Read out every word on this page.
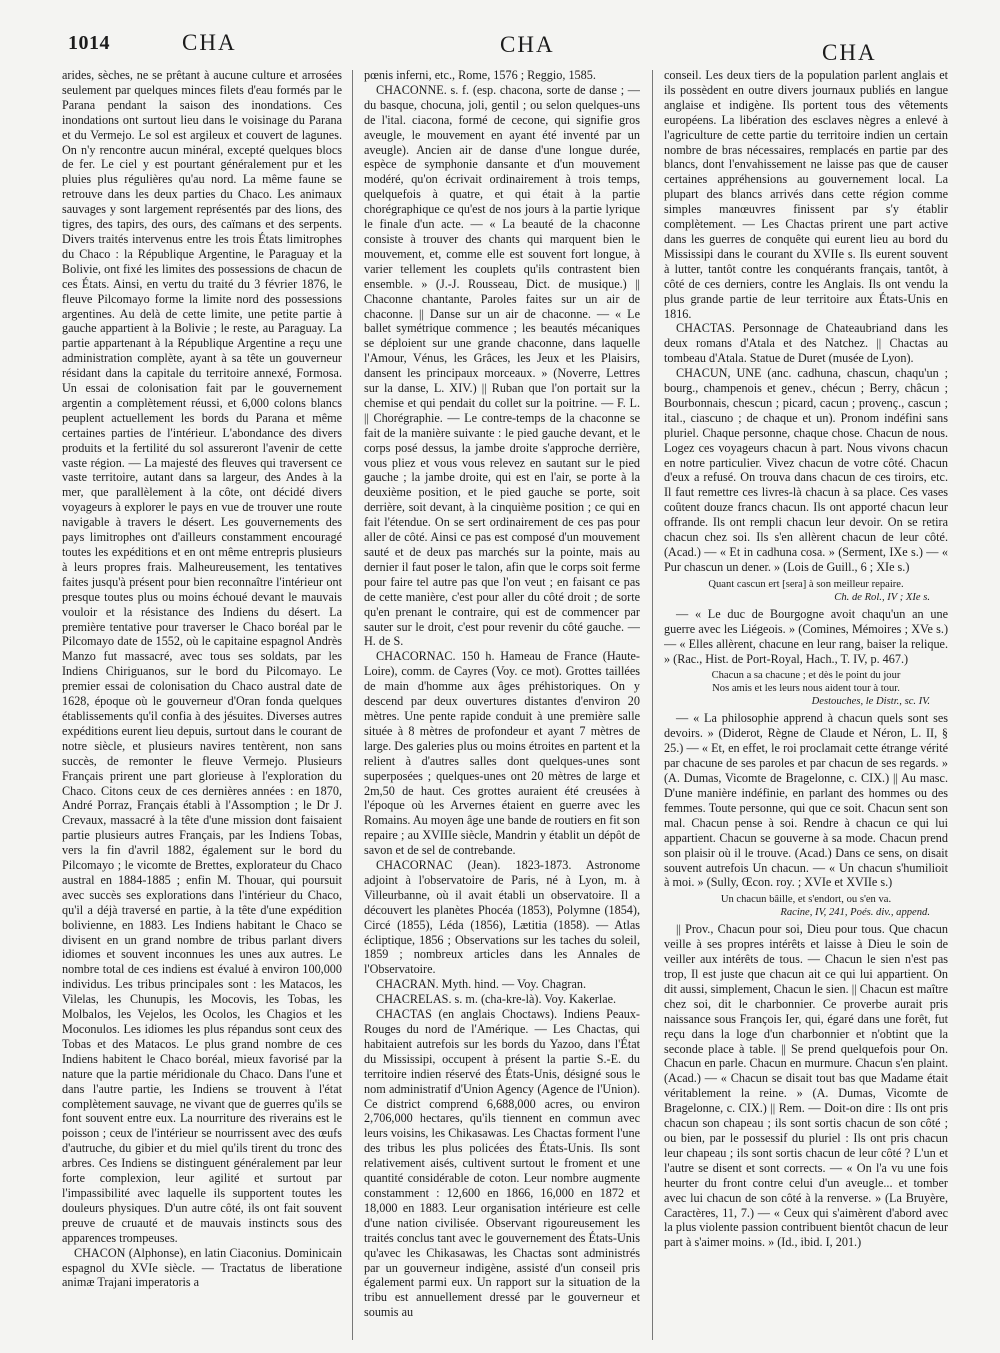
1014	CHA	CHA	CHA

arides, sèches, ne se prêtant à aucune culture et arrosées seulement par quelques minces filets d'eau formés par le Parana pendant la saison des inondations. Ces inondations ont surtout lieu dans le voisinage du Parana et du Vermejo. Le sol est argileux et couvert de lagunes. On n'y rencontre aucun minéral, excepté quelques blocs de fer. Le ciel y est pourtant généralement pur et les pluies plus régulières qu'au nord. La même faune se retrouve dans les deux parties du Chaco. Les animaux sauvages y sont largement représentés par des lions, des tigres, des tapirs, des ours, des caïmans et des serpents. Divers traités intervenus entre les trois États limitrophes du Chaco : la République Argentine, le Paraguay et la Bolivie, ont fixé les limites des possessions de chacun de ces États. Ainsi, en vertu du traité du 3 février 1876, le fleuve Pilcomayo forme la limite nord des possessions argentines. Au delà de cette limite, une petite partie à gauche appartient à la Bolivie ; le reste, au Paraguay. La partie appartenant à la République Argentine a reçu une administration complète, ayant à sa tête un gouverneur résidant dans la capitale du territoire annexé, Formosa. Un essai de colonisation fait par le gouvernement argentin a complètement réussi, et 6,000 colons blancs peuplent actuellement les bords du Parana et même certaines parties de l'intérieur. L'abondance des divers produits et la fertilité du sol assureront l'avenir de cette vaste région. — La majesté des fleuves qui traversent ce vaste territoire, autant dans sa largeur, des Andes à la mer, que parallèlement à la côte, ont décidé divers voyageurs à explorer le pays en vue de trouver une route navigable à travers le désert. Les gouvernements des pays limitrophes ont d'ailleurs constamment encouragé toutes les expéditions et en ont même entrepris plusieurs à leurs propres frais. Malheureusement, les tentatives faites jusqu'à présent pour bien reconnaître l'intérieur ont presque toutes plus ou moins échoué devant le mauvais vouloir et la résistance des Indiens du désert. La première tentative pour traverser le Chaco boréal par le Pilcomayo date de 1552, où le capitaine espagnol Andrès Manzo fut massacré, avec tous ses soldats, par les Indiens Chiriguanos, sur le bord du Pilcomayo. Le premier essai de colonisation du Chaco austral date de 1628, époque où le gouverneur d'Oran fonda quelques établissements qu'il confia à des jésuites. Diverses autres expéditions eurent lieu depuis, surtout dans le courant de notre siècle, et plusieurs navires tentèrent, non sans succès, de remonter le fleuve Vermejo. Plusieurs Français prirent une part glorieuse à l'exploration du Chaco. Citons ceux de ces dernières années : en 1870, André Porraz, Français établi à l'Assomption ; le Dr J. Crevaux, massacré à la tête d'une mission dont faisaient partie plusieurs autres Français, par les Indiens Tobas, vers la fin d'avril 1882, également sur le bord du Pilcomayo ; le vicomte de Brettes, explorateur du Chaco austral en 1884-1885 ; enfin M. Thouar, qui poursuit avec succès ses explorations dans l'intérieur du Chaco, qu'il a déjà traversé en partie, à la tête d'une expédition bolivienne, en 1883. Les Indiens habitant le Chaco se divisent en un grand nombre de tribus parlant divers idiomes et souvent inconnues les unes aux autres. Le nombre total de ces indiens est évalué à environ 100,000 individus. Les tribus principales sont : les Matacos, les Vilelas, les Chunupis, les Mocovis, les Tobas, les Molbalos, les Vejelos, les Ocolos, les Chagios et les Moconulos. Les idiomes les plus répandus sont ceux des Tobas et des Matacos. Le plus grand nombre de ces Indiens habitent le Chaco boréal, mieux favorisé par la nature que la partie méridionale du Chaco. Dans l'une et dans l'autre partie, les Indiens se trouvent à l'état complètement sauvage, ne vivant que de guerres qu'ils se font souvent entre eux. La nourriture des riverains est le poisson ; ceux de l'intérieur se nourrissent avec des œufs d'autruche, du gibier et du miel qu'ils tirent du tronc des arbres. Ces Indiens se distinguent généralement par leur forte complexion, leur agilité et surtout par l'impassibilité avec laquelle ils supportent toutes les douleurs physiques. D'un autre côté, ils ont fait souvent preuve de cruauté et de mauvais instincts sous des apparences trompeuses.

CHACON (Alphonse), en latin Ciaconius. Dominicain espagnol du XVIe siècle. — Tractatus de liberatione animæ Trajani imperatoris a

pœnis inferni, etc., Rome, 1576 ; Reggio, 1585.

CHACONNE. s. f. (esp. chacona, sorte de danse ; — du basque, chocuna, joli, gentil ; ou selon quelques-uns de l'ital. ciacona, formé de cecone, qui signifie gros aveugle, le mouvement en ayant été inventé par un aveugle). Ancien air de danse d'une longue durée, espèce de symphonie dansante et d'un mouvement modéré, qu'on écrivait ordinairement à trois temps, quelquefois à quatre, et qui était à la partie chorégraphique ce qu'est de nos jours à la partie lyrique le finale d'un acte. — « La beauté de la chaconne consiste à trouver des chants qui marquent bien le mouvement, et, comme elle est souvent fort longue, à varier tellement les couplets qu'ils contrastent bien ensemble. » (J.-J. Rousseau, Dict. de musique.) || Chaconne chantante, Paroles faites sur un air de chaconne. || Danse sur un air de chaconne. — « Le ballet symétrique commence ; les beautés mécaniques se déploient sur une grande chaconne, dans laquelle l'Amour, Vénus, les Grâces, les Jeux et les Plaisirs, dansent les principaux morceaux. » (Noverre, Lettres sur la danse, L. XIV.) || Ruban que l'on portait sur la chemise et qui pendait du collet sur la poitrine. — F. L. || Chorégraphie. — Le contre-temps de la chaconne se fait de la manière suivante : le pied gauche devant, et le corps posé dessus, la jambe droite s'approche derrière, vous pliez et vous vous relevez en sautant sur le pied gauche ; la jambe droite, qui est en l'air, se porte à la deuxième position, et le pied gauche se porte, soit derrière, soit devant, à la cinquième position ; ce qui en fait l'étendue. On se sert ordinairement de ces pas pour aller de côté. Ainsi ce pas est composé d'un mouvement sauté et de deux pas marchés sur la pointe, mais au dernier il faut poser le talon, afin que le corps soit ferme pour faire tel autre pas que l'on veut ; en faisant ce pas de cette manière, c'est pour aller du côté droit ; de sorte qu'en prenant le contraire, qui est de commencer par sauter sur le droit, c'est pour revenir du côté gauche. — H. de S.

CHACORNAC. 150 h. Hameau de France (Haute-Loire), comm. de Cayres (Voy. ce mot). Grottes taillées de main d'homme aux âges préhistoriques. On y descend par deux ouvertures distantes d'environ 20 mètres. Une pente rapide conduit à une première salle située à 8 mètres de profondeur et ayant 7 mètres de large. Des galeries plus ou moins étroites en partent et la relient à d'autres salles dont quelques-unes sont superposées ; quelques-unes ont 20 mètres de large et 2m,50 de haut. Ces grottes auraient été creusées à l'époque où les Arvernes étaient en guerre avec les Romains. Au moyen âge une bande de routiers en fit son repaire ; au XVIIIe siècle, Mandrin y établit un dépôt de savon et de sel de contrebande.

CHACORNAC (Jean). 1823-1873. Astronome adjoint à l'observatoire de Paris, né à Lyon, m. à Villeurbanne, où il avait établi un observatoire. Il a découvert les planètes Phocéa (1853), Polymne (1854), Circé (1855), Léda (1856), Lætitia (1858). — Atlas écliptique, 1856 ; Observations sur les taches du soleil, 1859 ; nombreux articles dans les Annales de l'Observatoire.

CHACRAN. Myth. hind. — Voy. Chagran.

CHACRELAS. s. m. (cha-kre-là). Voy. Kakerlae.

CHACTAS (en anglais Choctaws). Indiens Peaux-Rouges du nord de l'Amérique. — Les Chactas, qui habitaient autrefois sur les bords du Yazoo, dans l'État du Mississipi, occupent à présent la partie S.-E. du territoire indien réservé des États-Unis, désigné sous le nom administratif d'Union Agency (Agence de l'Union). Ce district comprend 6,688,000 acres, ou environ 2,706,000 hectares, qu'ils tiennent en commun avec leurs voisins, les Chikasawas. Les Chactas forment l'une des tribus les plus policées des États-Unis. Ils sont relativement aisés, cultivent surtout le froment et une quantité considérable de coton. Leur nombre augmente constamment : 12,600 en 1866, 16,000 en 1872 et 18,000 en 1883. Leur organisation intérieure est celle d'une nation civilisée. Observant rigoureusement les traités conclus tant avec le gouvernement des États-Unis qu'avec les Chikasawas, les Chactas sont administrés par un gouverneur indigène, assisté d'un conseil pris également parmi eux. Un rapport sur la situation de la tribu est annuellement dressé par le gouverneur et soumis au

conseil. Les deux tiers de la population parlent anglais et ils possèdent en outre divers journaux publiés en langue anglaise et indigène. Ils portent tous des vêtements européens. La libération des esclaves nègres a enlevé à l'agriculture de cette partie du territoire indien un certain nombre de bras nécessaires, remplacés en partie par des blancs, dont l'envahissement ne laisse pas que de causer certaines appréhensions au gouvernement local. La plupart des blancs arrivés dans cette région comme simples manœuvres finissent par s'y établir complètement. — Les Chactas prirent une part active dans les guerres de conquête qui eurent lieu au bord du Mississipi dans le courant du XVIIe s. Ils eurent souvent à lutter, tantôt contre les conquérants français, tantôt, à côté de ces derniers, contre les Anglais. Ils ont vendu la plus grande partie de leur territoire aux États-Unis en 1816.

CHACTAS. Personnage de Chateaubriand dans les deux romans d'Atala et des Natchez. || Chactas au tombeau d'Atala. Statue de Duret (musée de Lyon).

CHACUN, UNE (anc. cadhuna, chascun, chaqu'un ; bourg., champenois et genev., chécun ; Berry, châcun ; Bourbonnais, chescun ; picard, cacun ; provenç., cascun ; ital., ciascuno ; de chaque et un). Pronom indéfini sans pluriel. Chaque personne, chaque chose. Chacun de nous. Logez ces voyageurs chacun à part. Nous vivons chacun en notre particulier. Vivez chacun de votre côté. Chacun d'eux a refusé. On trouva dans chacun de ces tiroirs, etc. Il faut remettre ces livres-là chacun à sa place. Ces vases coûtent douze francs chacun. Ils ont apporté chacun leur offrande. Ils ont rempli chacun leur devoir. On se retira chacun chez soi. Ils s'en allèrent chacun de leur côté. (Acad.) — « Et in cadhuna cosa. » (Serment, IXe s.) — « Pur chascun un dener. » (Lois de Guill., 6 ; XIe s.)

Quant cascun ert [sera] à son meilleur repaire.
Ch. de Rol., IV ; XIe s.

— « Le duc de Bourgogne avoit chaqu'un an une guerre avec les Liégeois. » (Comines, Mémoires ; XVe s.) — « Elles allèrent, chacune en leur rang, baiser la relique. » (Rac., Hist. de Port-Royal, Hach., T. IV, p. 467.)

Chacun a sa chacune ; et dès le point du jour
Nos amis et les leurs nous aident tour à tour.
Destouches, le Distr., sc. IV.

— « La philosophie apprend à chacun quels sont ses devoirs. » (Diderot, Règne de Claude et Néron, L. II, § 25.) — « Et, en effet, le roi proclamait cette étrange vérité par chacune de ses paroles et par chacun de ses regards. » (A. Dumas, Vicomte de Bragelonne, c. CIX.) || Au masc. D'une manière indéfinie, en parlant des hommes ou des femmes. Toute personne, qui que ce soit. Chacun sent son mal. Chacun pense à soi. Rendre à chacun ce qui lui appartient. Chacun se gouverne à sa mode. Chacun prend son plaisir où il le trouve. (Acad.) Dans ce sens, on disait souvent autrefois Un chacun. — « Un chacun s'humilioit à moi. » (Sully, Œcon. roy. ; XVIe et XVIIe s.)

Un chacun bâille, et s'endort, ou s'en va.
Racine, IV, 241, Poés. div., append.

|| Prov., Chacun pour soi, Dieu pour tous. Que chacun veille à ses propres intérêts et laisse à Dieu le soin de veiller aux intérêts de tous. — Chacun le sien n'est pas trop, Il est juste que chacun ait ce qui lui appartient. On dit aussi, simplement, Chacun le sien. || Chacun est maître chez soi, dit le charbonnier. Ce proverbe aurait pris naissance sous François Ier, qui, égaré dans une forêt, fut reçu dans la loge d'un charbonnier et n'obtint que la seconde place à table. || Se prend quelquefois pour On. Chacun en parle. Chacun en murmure. Chacun s'en plaint. (Acad.) — « Chacun se disait tout bas que Madame était véritablement la reine. » (A. Dumas, Vicomte de Bragelonne, c. CIX.) || Rem. — Doit-on dire : Ils ont pris chacun son chapeau ; ils sont sortis chacun de son côté ; ou bien, par le possessif du pluriel : Ils ont pris chacun leur chapeau ; ils sont sortis chacun de leur côté ? L'un et l'autre se disent et sont corrects. — « On l'a vu une fois heurter du front contre celui d'un aveugle... et tomber avec lui chacun de son côté à la renverse. » (La Bruyère, Caractères, 11, 7.) — « Ceux qui s'aimèrent d'abord avec la plus violente passion contribuent bientôt chacun de leur part à s'aimer moins. » (Id., ibid. I, 201.)
